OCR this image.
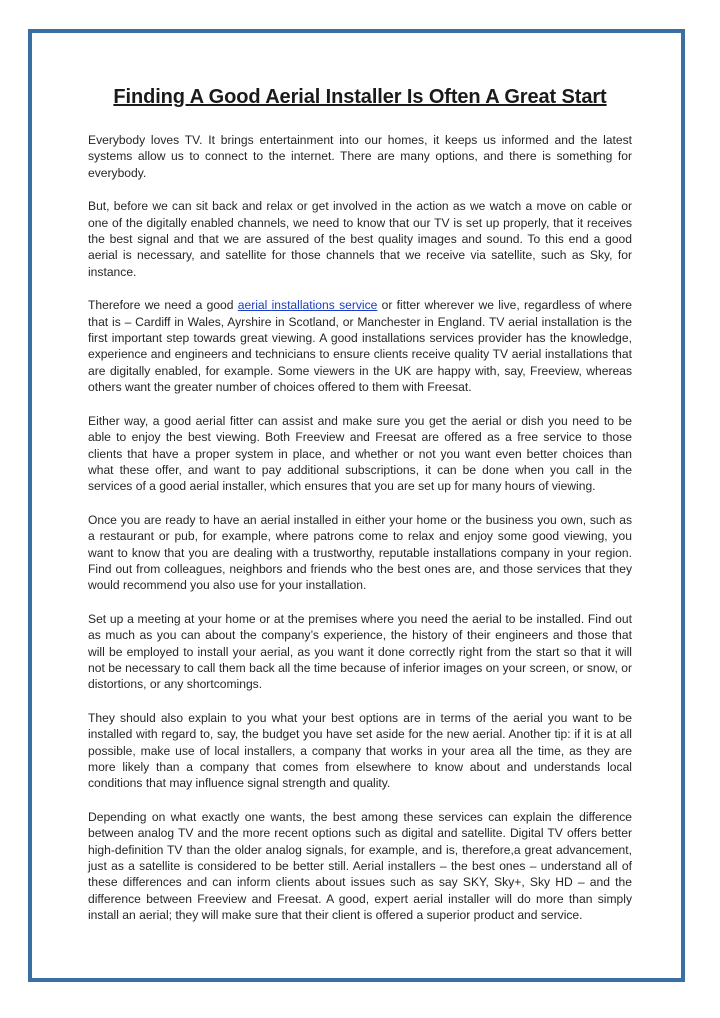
Finding A Good Aerial Installer Is Often A Great Start

Everybody loves TV. It brings entertainment into our homes, it keeps us informed and the latest systems allow us to connect to the internet. There are many options, and there is something for everybody.

But, before we can sit back and relax or get involved in the action as we watch a move on cable or one of the digitally enabled channels, we need to know that our TV is set up properly, that it receives the best signal and that we are assured of the best quality images and sound. To this end a good aerial is necessary, and satellite for those channels that we receive via satellite, such as Sky, for instance.

Therefore we need a good aerial installations service or fitter wherever we live, regardless of where that is – Cardiff in Wales, Ayrshire in Scotland, or Manchester in England. TV aerial installation is the first important step towards great viewing. A good installations services provider has the knowledge, experience and engineers and technicians to ensure clients receive quality TV aerial installations that are digitally enabled, for example. Some viewers in the UK are happy with, say, Freeview, whereas others want the greater number of choices offered to them with Freesat.

Either way, a good aerial fitter can assist and make sure you get the aerial or dish you need to be able to enjoy the best viewing. Both Freeview and Freesat are offered as a free service to those clients that have a proper system in place, and whether or not you want even better choices than what these offer, and want to pay additional subscriptions, it can be done when you call in the services of a good aerial installer, which ensures that you are set up for many hours of viewing.

Once you are ready to have an aerial installed in either your home or the business you own, such as a restaurant or pub, for example, where patrons come to relax and enjoy some good viewing, you want to know that you are dealing with a trustworthy, reputable installations company in your region. Find out from colleagues, neighbors and friends who the best ones are, and those services that they would recommend you also use for your installation.

Set up a meeting at your home or at the premises where you need the aerial to be installed. Find out as much as you can about the company’s experience, the history of their engineers and those that will be employed to install your aerial, as you want it done correctly right from the start so that it will not be necessary to call them back all the time because of inferior images on your screen, or snow, or distortions, or any shortcomings.

They should also explain to you what your best options are in terms of the aerial you want to be installed with regard to, say, the budget you have set aside for the new aerial. Another tip: if it is at all possible, make use of local installers, a company that works in your area all the time, as they are more likely than a company that comes from elsewhere to know about and understands local conditions that may influence signal strength and quality.

Depending on what exactly one wants, the best among these services can explain the difference between analog TV and the more recent options such as digital and satellite. Digital TV offers better high-definition TV than the older analog signals, for example, and is, therefore,a great advancement, just as a satellite is considered to be better still. Aerial installers – the best ones – understand all of these differences and can inform clients about issues such as say SKY, Sky+, Sky HD – and the difference between Freeview and Freesat. A good, expert aerial installer will do more than simply install an aerial; they will make sure that their client is offered a superior product and service.
